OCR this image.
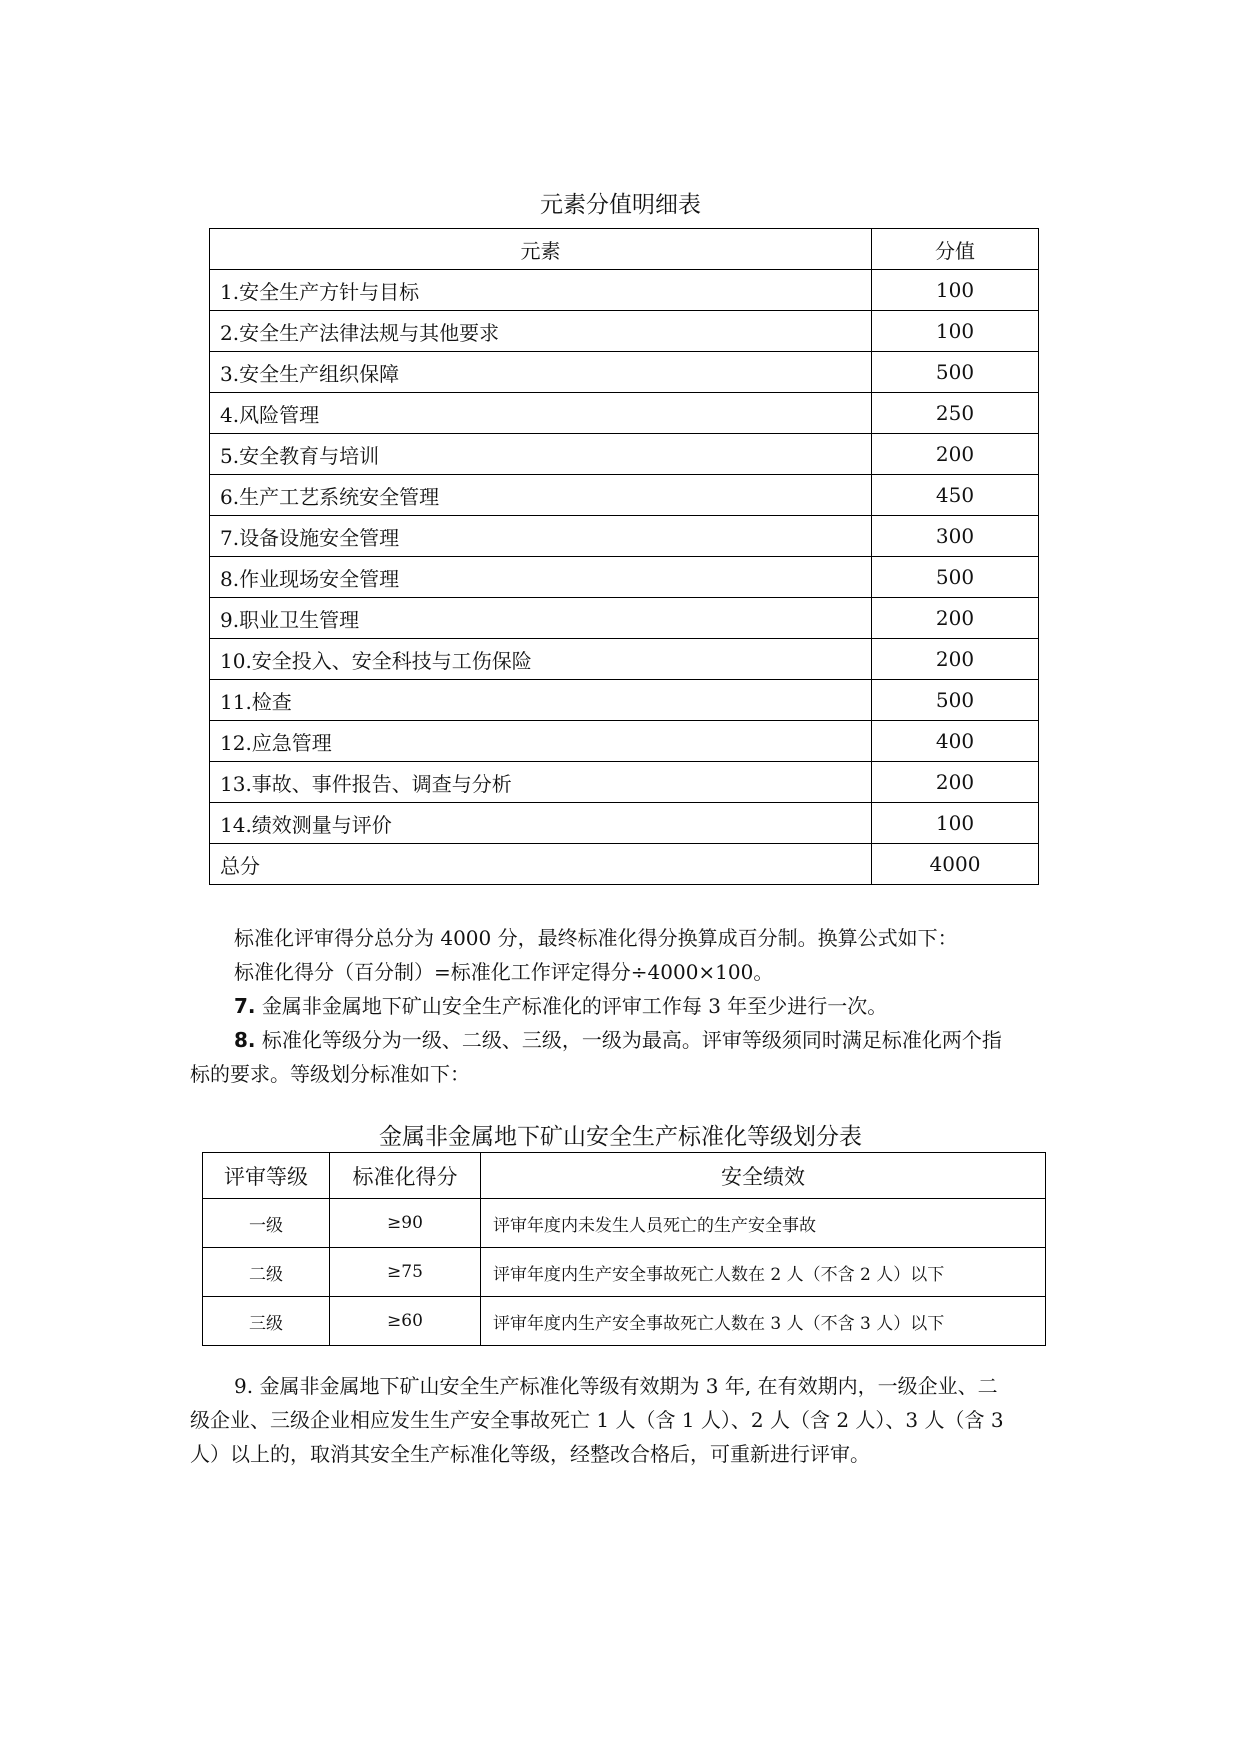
元素分值明细表
元素	分值
1.安全生产方针与目标	100
2.安全生产法律法规与其他要求	100
3.安全生产组织保障	500
4.风险管理	250
5.安全教育与培训	200
6.生产工艺系统安全管理	450
7.设备设施安全管理	300
8.作业现场安全管理	500
9.职业卫生管理	200
10.安全投入、安全科技与工伤保险	200
11.检查	500
12.应急管理	400
13.事故、事件报告、调查与分析	200
14.绩效测量与评价	100
总分	4000
标准化评审得分总分为 4000 分，最终标准化得分换算成百分制。换算公式如下：
标准化得分（百分制）=标准化工作评定得分÷4000×100。
7. 金属非金属地下矿山安全生产标准化的评审工作每 3 年至少进行一次。
8. 标准化等级分为一级、二级、三级，一级为最高。评审等级须同时满足标准化两个指
标的要求。等级划分标准如下：
金属非金属地下矿山安全生产标准化等级划分表
评审等级	标准化得分	安全绩效
一级	≥90	评审年度内未发生人员死亡的生产安全事故
二级	≥75	评审年度内生产安全事故死亡人数在 2 人（不含 2 人）以下
三级	≥60	评审年度内生产安全事故死亡人数在 3 人（不含 3 人）以下
9. 金属非金属地下矿山安全生产标准化等级有效期为 3 年, 在有效期内，一级企业、二
级企业、三级企业相应发生生产安全事故死亡 1 人（含 1 人）、2 人（含 2 人）、3 人（含 3
人）以上的，取消其安全生产标准化等级，经整改合格后，可重新进行评审。
